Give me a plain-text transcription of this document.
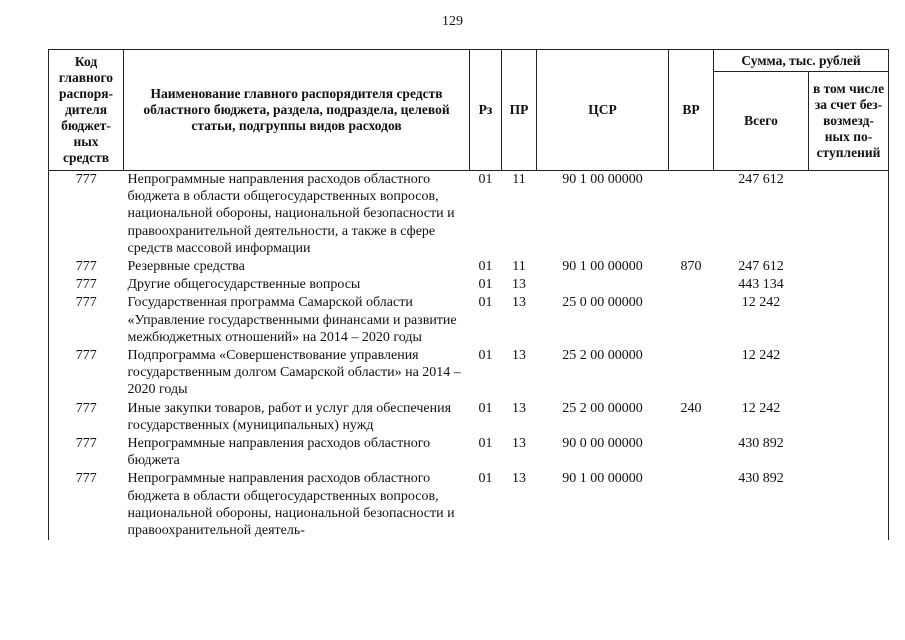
129
Код главного распоря- дителя бюджет- ных средств	Наименование главного распорядителя средств областного бюджета, раздела, подраздела, целевой статьи, подгруппы видов расходов	Рз	ПР	ЦСР	ВР	Сумма, тыс. рублей	
						Всего	в том числе за счет без- возмезд- ных по- ступлений
777	Непрограммные направления расходов областного бюджета в области общегосударственных вопросов, национальной обороны, национальной безопасности и правоохранительной деятельности, а также в сфере средств массовой информации	01	11	90 1 00 00000		247 612	
777	Резервные средства	01	11	90 1 00 00000	870	247 612	
777	Другие общегосударственные вопросы	01	13			443 134	
777	Государственная программа Самарской области «Управление государственными финансами и развитие межбюджетных отношений» на 2014 – 2020 годы	01	13	25 0 00 00000		12 242	
777	Подпрограмма «Совершенствование управления государственным долгом Самарской области» на 2014 – 2020 годы	01	13	25 2 00 00000		12 242	
777	Иные закупки товаров, работ и услуг для обеспечения государственных (муниципальных) нужд	01	13	25 2 00 00000	240	12 242	
777	Непрограммные направления расходов областного бюджета	01	13	90 0 00 00000		430 892	
777	Непрограммные направления расходов областного бюджета в области общегосударственных вопросов, национальной обороны, национальной безопасности и правоохранительной деятель-	01	13	90 1 00 00000		430 892	
